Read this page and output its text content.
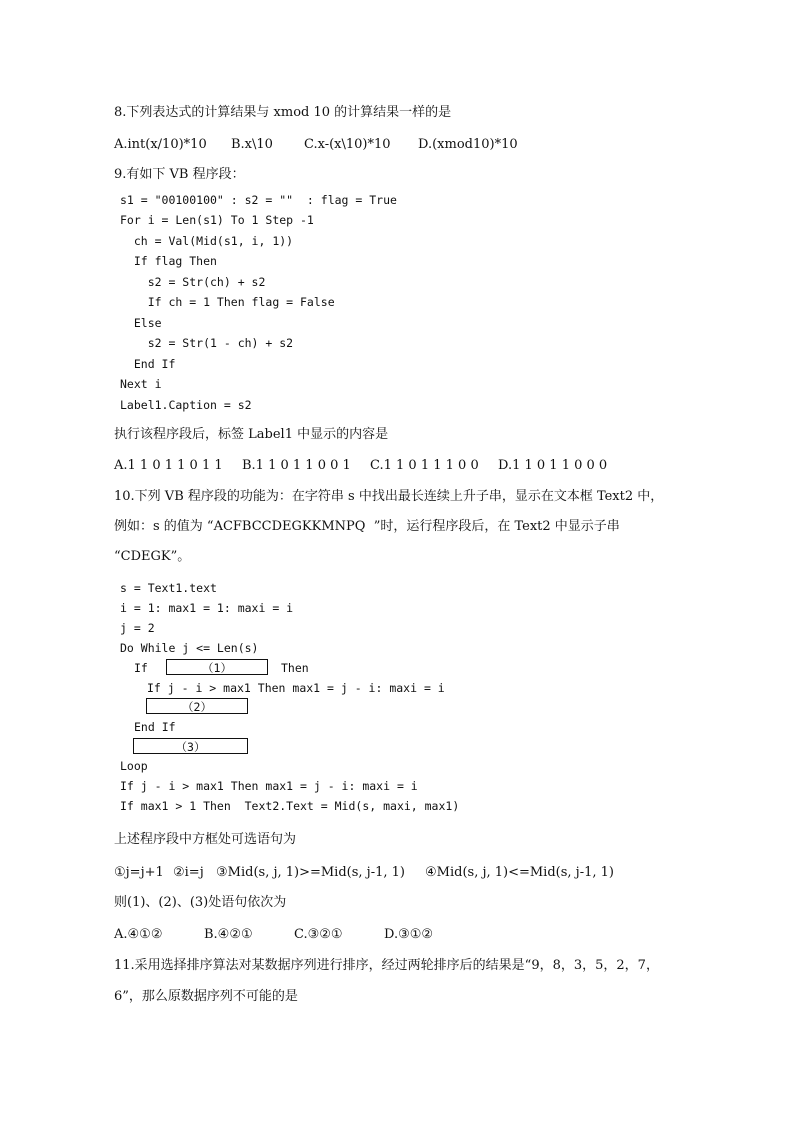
8.下列表达式的计算结果与 xmod 10 的计算结果一样的是
A.int(x/10)*10 B.x\10 C.x-(x\10)*10 D.(xmod10)*10
9.有如下 VB 程序段：
s1 = "00100100" : s2 = ""  : flag = True
For i = Len(s1) To 1 Step -1
ch = Val(Mid(s1, i, 1))
If flag Then
s2 = Str(ch) + s2
If ch = 1 Then flag = False
Else
s2 = Str(1 - ch) + s2
End If
Next i
Label1.Caption = s2
执行该程序段后，标签 Label1 中显示的内容是
A.1 1 0 1 1 0 1 1 B.1 1 0 1 1 0 0 1 C.1 1 0 1 1 1 0 0 D.1 1 0 1 1 0 0 0
10.下列 VB 程序段的功能为：在字符串 s 中找出最长连续上升子串，显示在文本框 Text2 中，
例如：s 的值为 “ACFBCCDEGKKMNPQ  ”时，运行程序段后，在 Text2 中显示子串
“CDEGK”。
s = Text1.text
i = 1: max1 = 1: maxi = i
j = 2
Do While j <= Len(s)
If	（1）	Then
If j - i > max1 Then max1 = j - i: maxi = i
（2）
End If
（3）
Loop
If j - i > max1 Then max1 = j - i: maxi = i
If max1 > 1 Then  Text2.Text = Mid(s, maxi, max1)
上述程序段中方框处可选语句为
①j=j+1 ②i=j ③Mid(s, j, 1)>=Mid(s, j-1, 1) ④Mid(s, j, 1)<=Mid(s, j-1, 1)
则(1)、(2)、(3)处语句依次为
A.④①②	B.④②①	C.③②①	D.③①②
11.采用选择排序算法对某数据序列进行排序，经过两轮排序后的结果是“9，8，3，5，2，7，
6”，那么原数据序列不可能的是
